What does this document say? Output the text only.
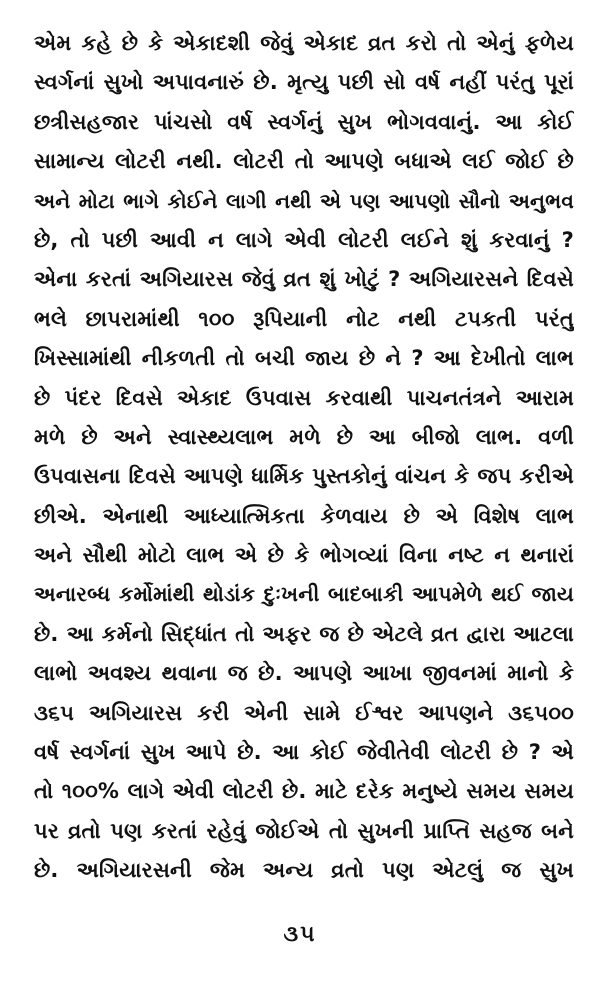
એમ કહે છે કે એકાદશી જેવું એકાદ વ્રત કરો તો એનું ફળેય
સ્વર્ગનાં સુખો અપાવનારું છે. મૃત્યુ પછી સો વર્ષ નહીં પરંતુ પૂરાં
છત્રીસહજાર પાંચસો વર્ષ સ્વર્ગનું સુખ ભોગવવાનું. આ કોઈ
સામાન્ય લોટરી નથી. લોટરી તો આપણે બધાએ લઈ જોઈ છે
અને મોટા ભાગે કોઈને લાગી નથી એ પણ આપણો સૌનો અનુભવ
છે, તો પછી આવી ન લાગે એવી લોટરી લઈને શું કરવાનું ?
એના કરતાં અગિયારસ જેવું વ્રત શું ખોટું ? અગિયારસને દિવસે
ભલે છાપરામાંથી ૧૦૦ રૂપિયાની નોટ નથી ટપકતી પરંતુ
ખિસ્સામાંથી નીકળતી તો બચી જાય છે ને ? આ દેખીતો લાભ
છે પંદર દિવસે એકાદ ઉપવાસ કરવાથી પાચનતંત્રને આરામ
મળે છે અને સ્વાસ્થ્યલાભ મળે છે આ બીજો લાભ. વળી
ઉપવાસના દિવસે આપણે ધાર્મિક પુસ્તકોનું વાંચન કે જપ કરીએ
છીએ. એનાથી આધ્યાત્મિકતા કેળવાય છે એ વિશેષ લાભ
અને સૌથી મોટો લાભ એ છે કે ભોગવ્યાં વિના નષ્ટ ન થનારાં
અનારબ્ધ કર્મોમાંથી થોડાંક દુઃખની બાદબાકી આપમેળે થઈ જાય
છે. આ કર્મનો સિદ્ધાંત તો અફર જ છે એટલે વ્રત દ્વારા આટલા
લાભો અવશ્ય થવાના જ છે. આપણે આખા જીવનમાં માનો કે
૩૬૫ અગિયારસ કરી એની સામે ઈશ્વર આપણને ૩૬૫૦૦
વર્ષ સ્વર્ગનાં સુખ આપે છે. આ કોઈ જેવીતેવી લોટરી છે ? એ
તો ૧૦૦% લાગે એવી લોટરી છે. માટે દરેક મનુષ્યે સમય સમય
પર વ્રતો પણ કરતાં રહેવું જોઈએ તો સુખની પ્રાપ્તિ સહજ બને
છે. અગિયારસની જેમ અન્ય વ્રતો પણ એટલું જ સુખ
૩૫
